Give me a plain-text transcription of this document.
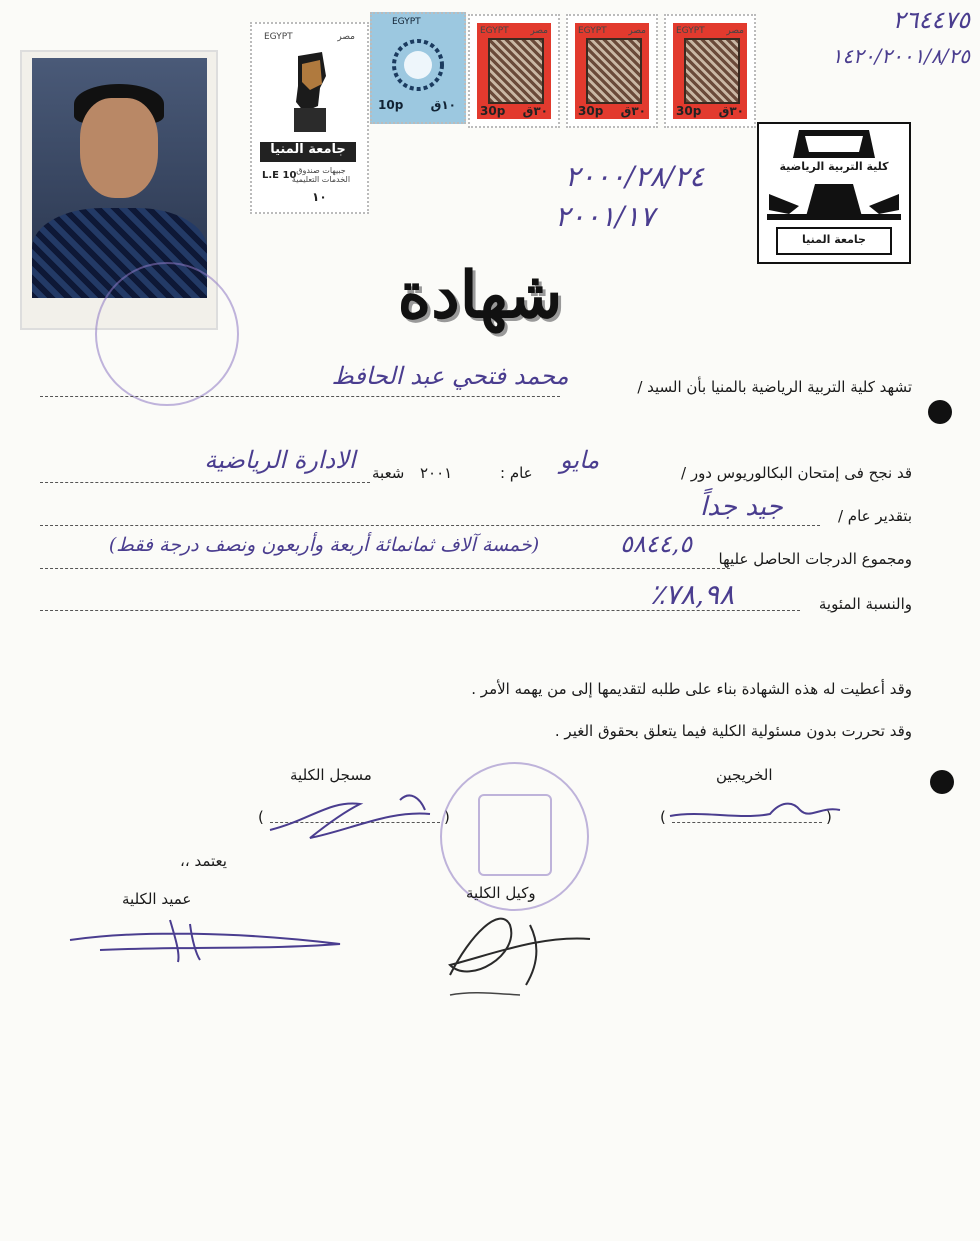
EGYPT	مصر
جامعة المنيا
جبيهات صندوق الخدمات التعليمية
L.E 10
١٠
EGYPT
10p ١٠ق
EGYPT مصر
30p ٣٠ق
EGYPT مصر
30p ٣٠ق
EGYPT مصر
30p ٣٠ق
٢٦٤٤٧٥
١٤٢٠/٢٠٠١/٨/٢٥
كلية التربية الرياضية
جامعة المنيا
٢٠٠٠/٢٨/٢٤
٢٠٠١/١٧
شهادة
تشهد كلية التربية الرياضية بالمنيا بأن السيد /
محمد فتحي عبد الحافظ
قد نجح فى إمتحان البكالوريوس دور /
مايو
عام :
٢٠٠١
شعبة
الادارة الرياضية
بتقدير عام /
جيد جداً
ومجموع الدرجات الحاصل عليها
٥٨٤٤,٥
(خمسة آلاف ثمانمائة أربعة وأربعون ونصف درجة فقط)
والنسبة المئوية
٪٧٨,٩٨
وقد أعطيت له هذه الشهادة بناء على طلبه لتقديمها إلى من يهمه الأمر .
وقد تحررت بدون مسئولية الكلية فيما يتعلق بحقوق الغير .
الخريجين
مسجل الكلية
(	)
(	)
يعتمد ،،
وكيل الكلية
عميد الكلية
